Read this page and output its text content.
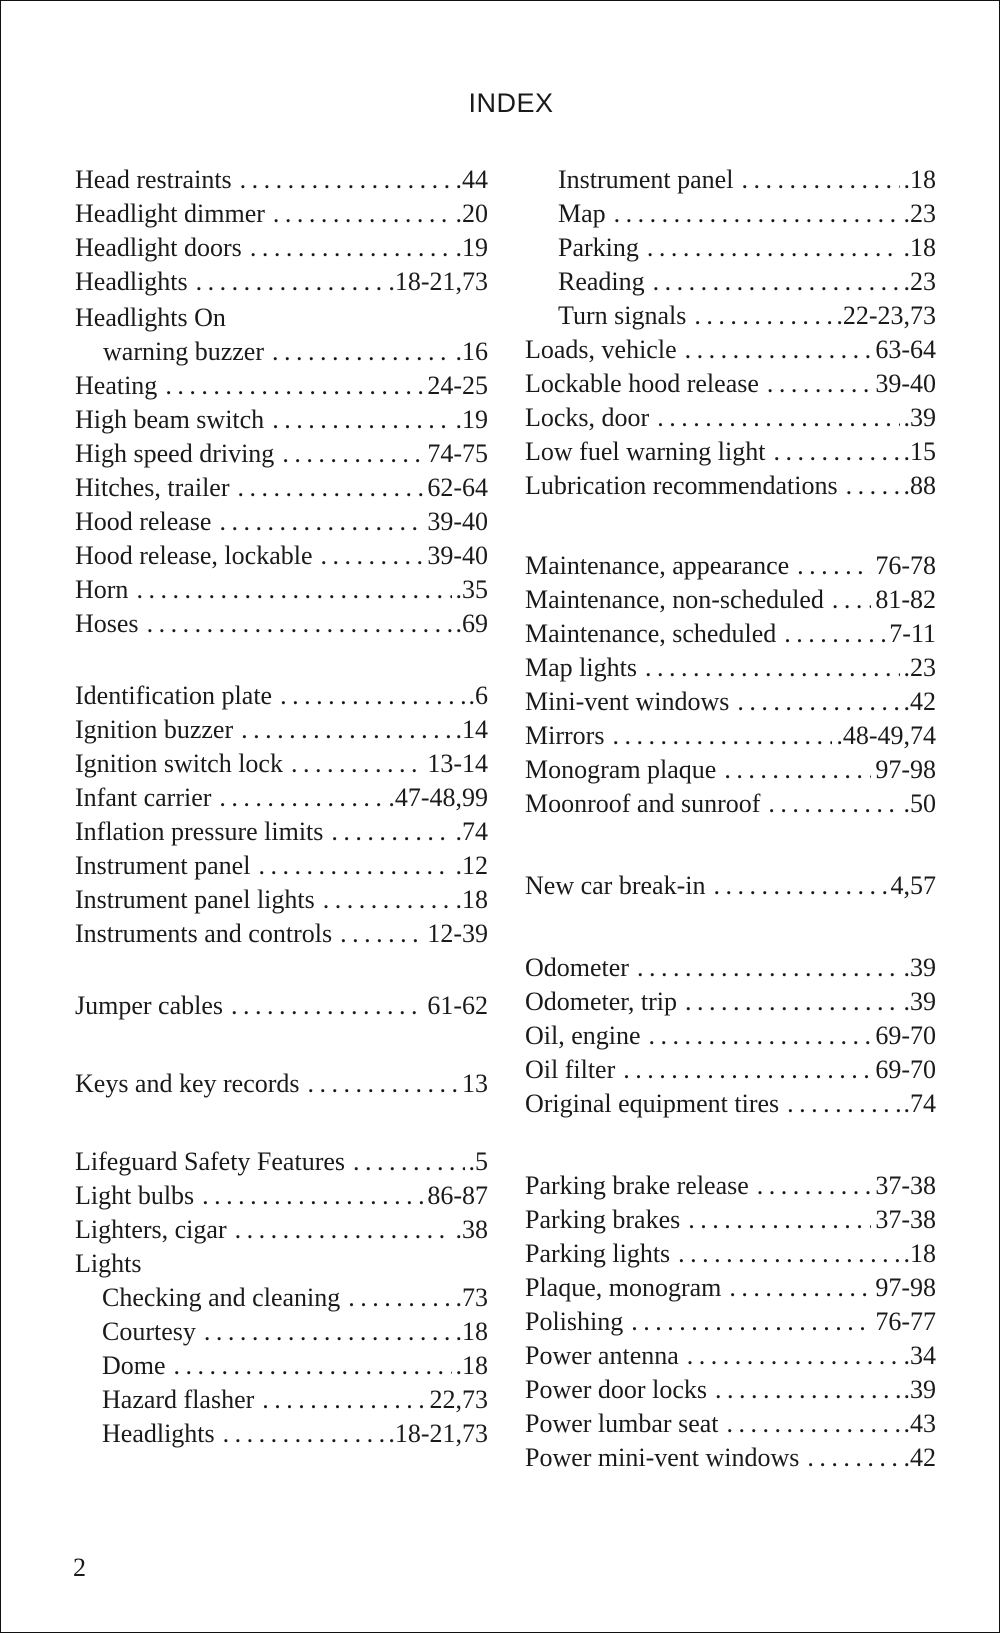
INDEX
Head restraints . . .	.44
Headlight dimmer . . .	.20
Headlight doors . . .	.19
Headlights . . .	.18-21,73
Headlights On
warning buzzer . . .	.16
Heating . . .	24-25
High beam switch . . .	.19
High speed driving . . .	74-75
Hitches, trailer . . .	62-64
Hood release . . .	39-40
Hood release, lockable . . .	39-40
Horn . . .	.35
Hoses . . .	.69
Identification plate . . .	.6
Ignition buzzer . . .	.14
Ignition switch lock . . .	13-14
Infant carrier . . .	.47-48,99
Inflation pressure limits . . .	.74
Instrument panel . . .	.12
Instrument panel lights . . .	.18
Instruments and controls . . .	12-39
Jumper cables . . .	61-62
Keys and key records . . .	13
Lifeguard Safety Features . . .	.5
Light bulbs . . .	86-87
Lighters, cigar . . .	.38
Lights
Checking and cleaning . . .	.73
Courtesy . . .	.18
Dome . . .	.18
Hazard flasher . . .	22,73
Headlights . . .	.18-21,73
Instrument panel . . .	.18
Map . . .	.23
Parking . . .	.18
Reading . . .	.23
Turn signals . . .	.22-23,73
Loads, vehicle . . .	63-64
Lockable hood release . . .	39-40
Locks, door . . .	.39
Low fuel warning light . . .	.15
Lubrication recommendations . . .	.88
Maintenance, appearance . . .	76-78
Maintenance, non-scheduled . . . 81-82
Maintenance, scheduled . . .	7-11
Map lights . . .	.23
Mini-vent windows . . .	.42
Mirrors . . .	.48-49,74
Monogram plaque . . .	97-98
Moonroof and sunroof . . .	.50
New car break-in . . .	4,57
Odometer . . .	.39
Odometer, trip . . .	.39
Oil, engine . . .	69-70
Oil filter . . .	69-70
Original equipment tires . . .	.74
Parking brake release . . .	37-38
Parking brakes . . .	37-38
Parking lights . . .	.18
Plaque, monogram . . .	97-98
Polishing . . .	76-77
Power antenna . . .	.34
Power door locks . . .	.39
Power lumbar seat . . .	.43
Power mini-vent windows . . .	.42
2
